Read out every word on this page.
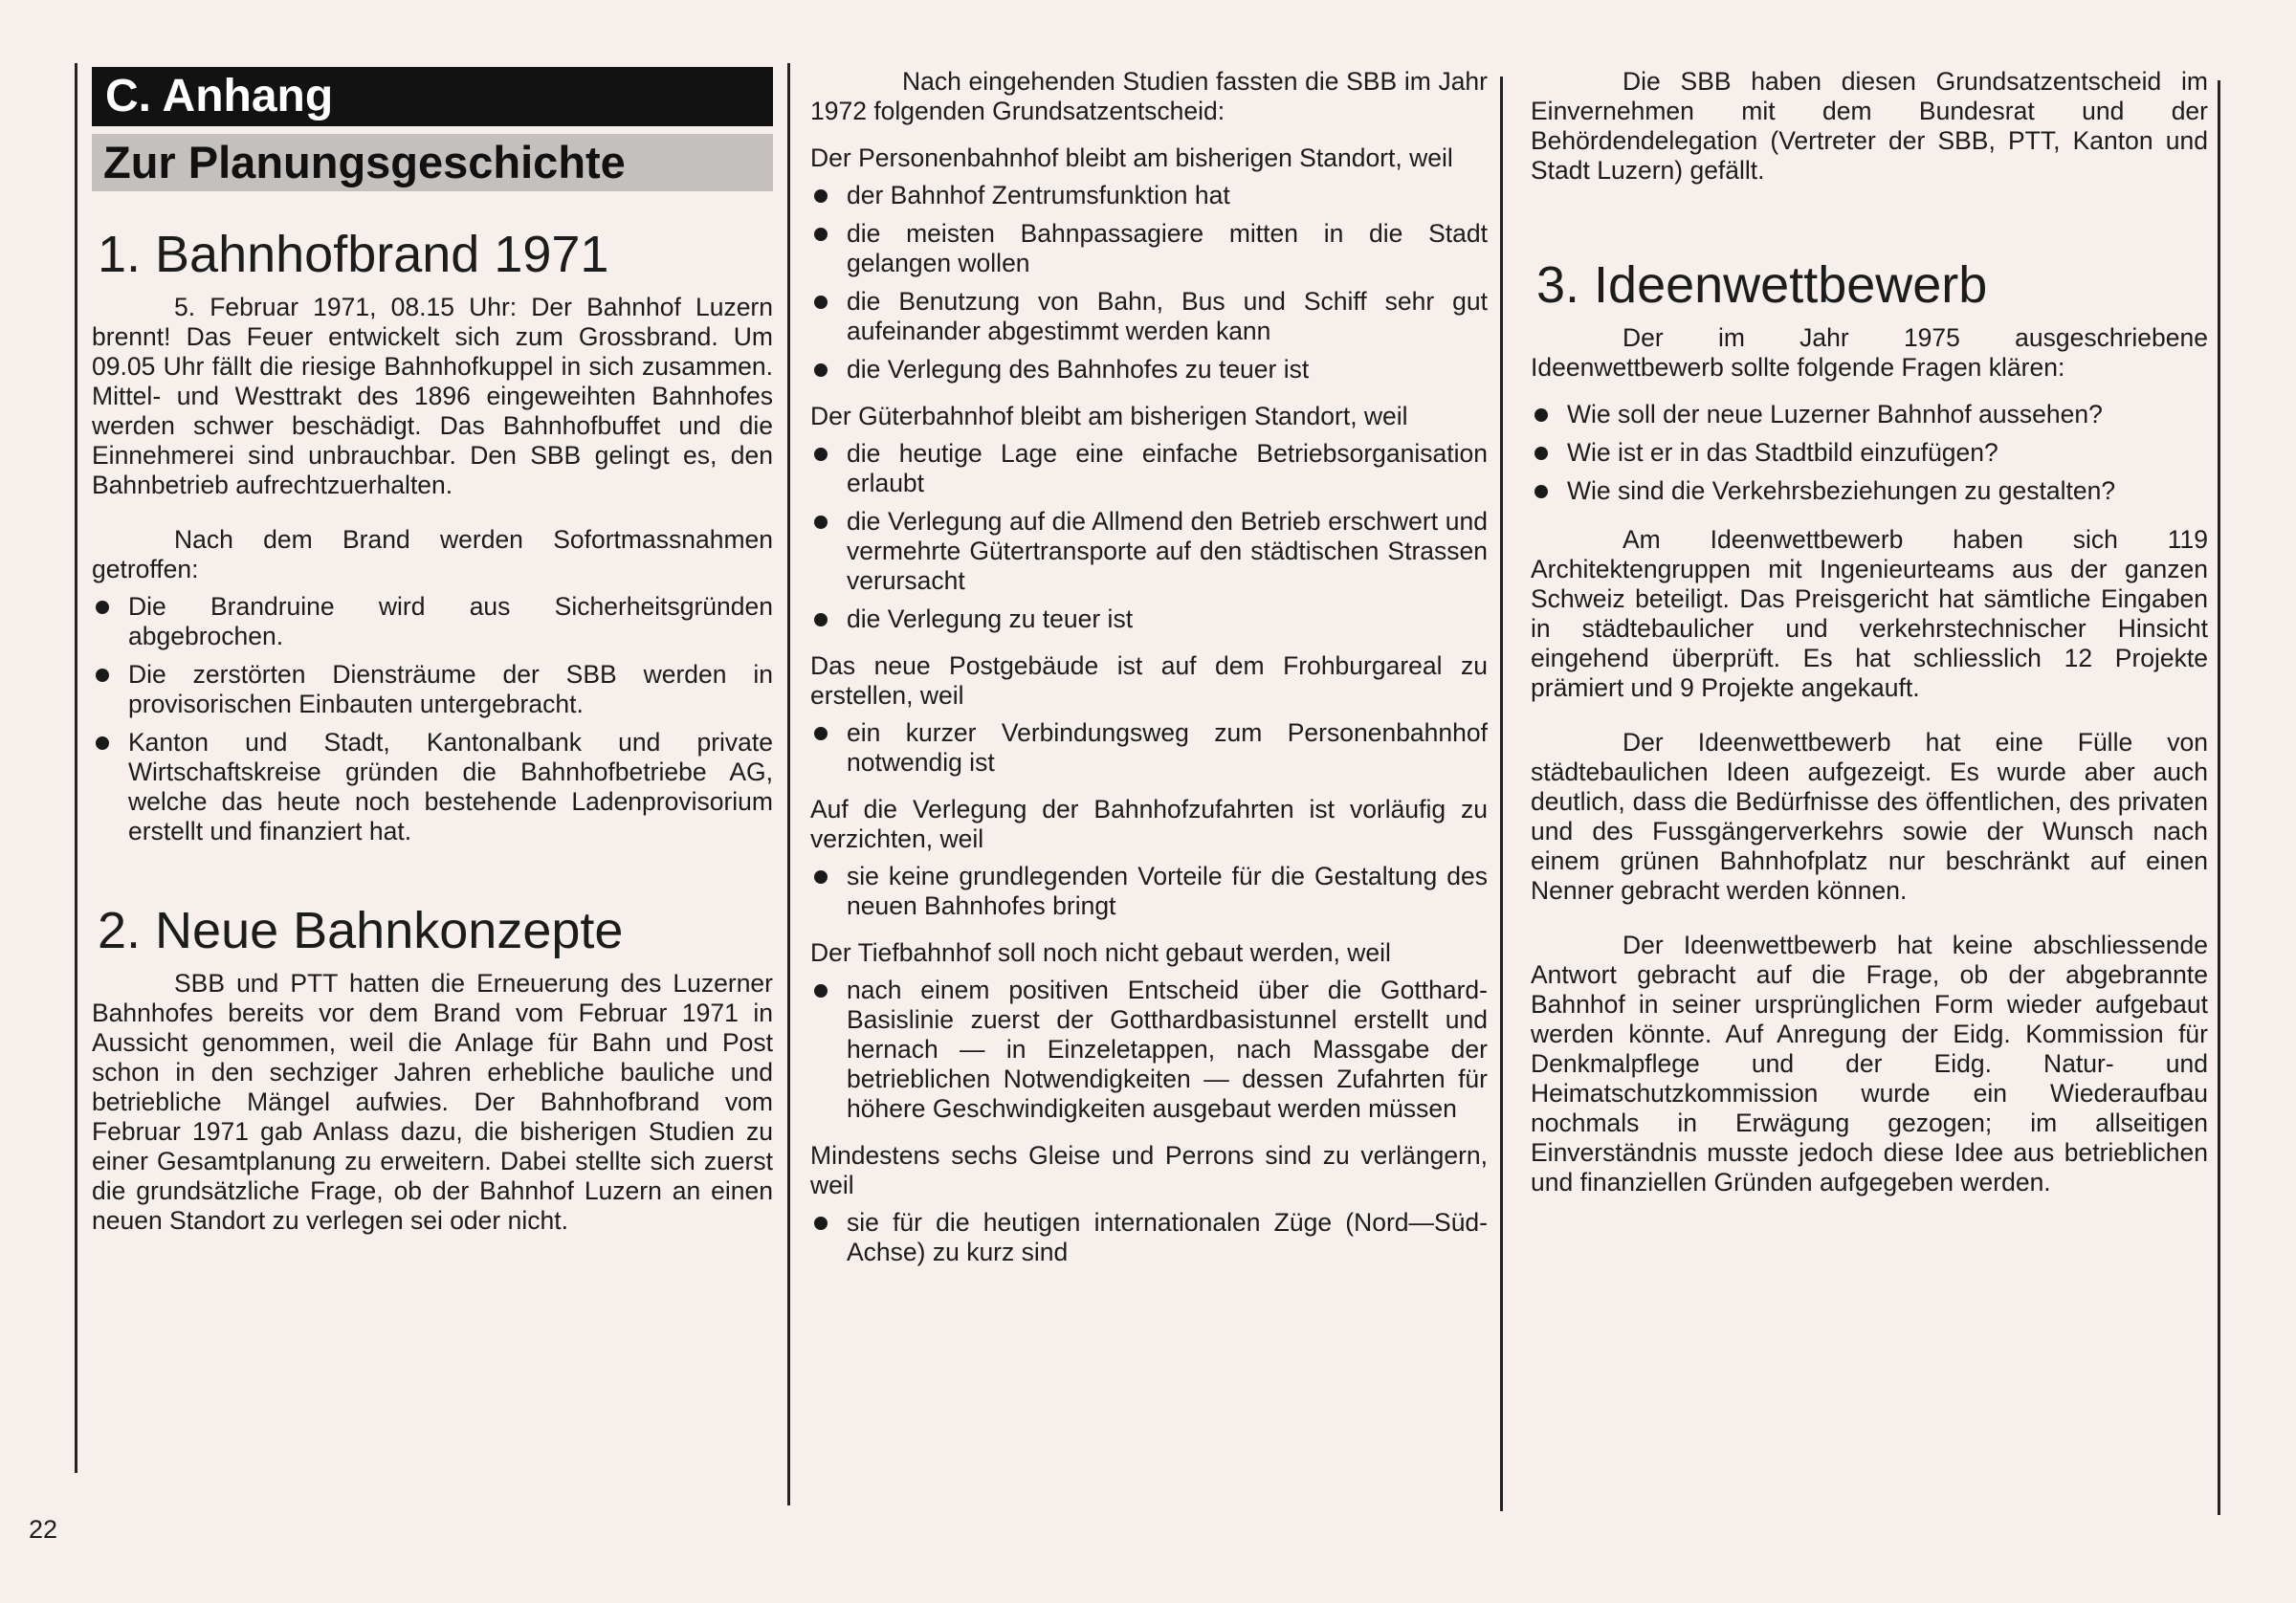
C. Anhang
Zur Planungsgeschichte
1. Bahnhofbrand 1971

5. Februar 1971, 08.15 Uhr: Der Bahnhof Luzern brennt! Das Feuer entwickelt sich zum Grossbrand. Um 09.05 Uhr fällt die riesige Bahnhofkuppel in sich zusammen. Mittel- und Westtrakt des 1896 eingeweihten Bahnhofes werden schwer beschädigt. Das Bahnhofbuffet und die Einnehmerei sind unbrauchbar. Den SBB gelingt es, den Bahnbetrieb aufrechtzuerhalten.

Nach dem Brand werden Sofortmassnahmen getroffen:

Die Brandruine wird aus Sicherheitsgründen abgebrochen.
Die zerstörten Diensträume der SBB werden in provisorischen Einbauten untergebracht.
Kanton und Stadt, Kantonalbank und private Wirtschaftskreise gründen die Bahnhofbetriebe AG, welche das heute noch bestehende Ladenprovisorium erstellt und finanziert hat.
2. Neue Bahnkonzepte

SBB und PTT hatten die Erneuerung des Luzerner Bahnhofes bereits vor dem Brand vom Februar 1971 in Aussicht genommen, weil die Anlage für Bahn und Post schon in den sechziger Jahren erhebliche bauliche und betriebliche Mängel aufwies. Der Bahnhofbrand vom Februar 1971 gab Anlass dazu, die bisherigen Studien zu einer Gesamtplanung zu erweitern. Dabei stellte sich zuerst die grundsätzliche Frage, ob der Bahnhof Luzern an einen neuen Standort zu verlegen sei oder nicht.

Nach eingehenden Studien fassten die SBB im Jahr 1972 folgenden Grundsatzentscheid:

Der Personenbahnhof bleibt am bisherigen Standort, weil

der Bahnhof Zentrumsfunktion hat
die meisten Bahnpassagiere mitten in die Stadt gelangen wollen
die Benutzung von Bahn, Bus und Schiff sehr gut aufeinander abgestimmt werden kann
die Verlegung des Bahnhofes zu teuer ist

Der Güterbahnhof bleibt am bisherigen Standort, weil

die heutige Lage eine einfache Betriebsorganisation erlaubt
die Verlegung auf die Allmend den Betrieb erschwert und vermehrte Gütertransporte auf den städtischen Strassen verursacht
die Verlegung zu teuer ist

Das neue Postgebäude ist auf dem Frohburgareal zu erstellen, weil

ein kurzer Verbindungsweg zum Personenbahnhof notwendig ist

Auf die Verlegung der Bahnhofzufahrten ist vorläufig zu verzichten, weil

sie keine grundlegenden Vorteile für die Gestaltung des neuen Bahnhofes bringt

Der Tiefbahnhof soll noch nicht gebaut werden, weil

nach einem positiven Entscheid über die Gotthard-Basislinie zuerst der Gotthardbasistunnel erstellt und hernach — in Einzeletappen, nach Massgabe der betrieblichen Notwendigkeiten — dessen Zufahrten für höhere Geschwindigkeiten ausgebaut werden müssen

Mindestens sechs Gleise und Perrons sind zu verlängern, weil

sie für die heutigen internationalen Züge (Nord—Süd-Achse) zu kurz sind

Die SBB haben diesen Grundsatzentscheid im Einvernehmen mit dem Bundesrat und der Behördendelegation (Vertreter der SBB, PTT, Kanton und Stadt Luzern) gefällt.

3. Ideenwettbewerb

Der im Jahr 1975 ausgeschriebene Ideenwettbewerb sollte folgende Fragen klären:

Wie soll der neue Luzerner Bahnhof aussehen?
Wie ist er in das Stadtbild einzufügen?
Wie sind die Verkehrsbeziehungen zu gestalten?

Am Ideenwettbewerb haben sich 119 Architektengruppen mit Ingenieurteams aus der ganzen Schweiz beteiligt. Das Preisgericht hat sämtliche Eingaben in städtebaulicher und verkehrstechnischer Hinsicht eingehend überprüft. Es hat schliesslich 12 Projekte prämiert und 9 Projekte angekauft.

Der Ideenwettbewerb hat eine Fülle von städtebaulichen Ideen aufgezeigt. Es wurde aber auch deutlich, dass die Bedürfnisse des öffentlichen, des privaten und des Fussgängerverkehrs sowie der Wunsch nach einem grünen Bahnhofplatz nur beschränkt auf einen Nenner gebracht werden können.

Der Ideenwettbewerb hat keine abschliessende Antwort gebracht auf die Frage, ob der abgebrannte Bahnhof in seiner ursprünglichen Form wieder aufgebaut werden könnte. Auf Anregung der Eidg. Kommission für Denkmalpflege und der Eidg. Natur- und Heimatschutzkommission wurde ein Wiederaufbau nochmals in Erwägung gezogen; im allseitigen Einverständnis musste jedoch diese Idee aus betrieblichen und finanziellen Gründen aufgegeben werden.

22
